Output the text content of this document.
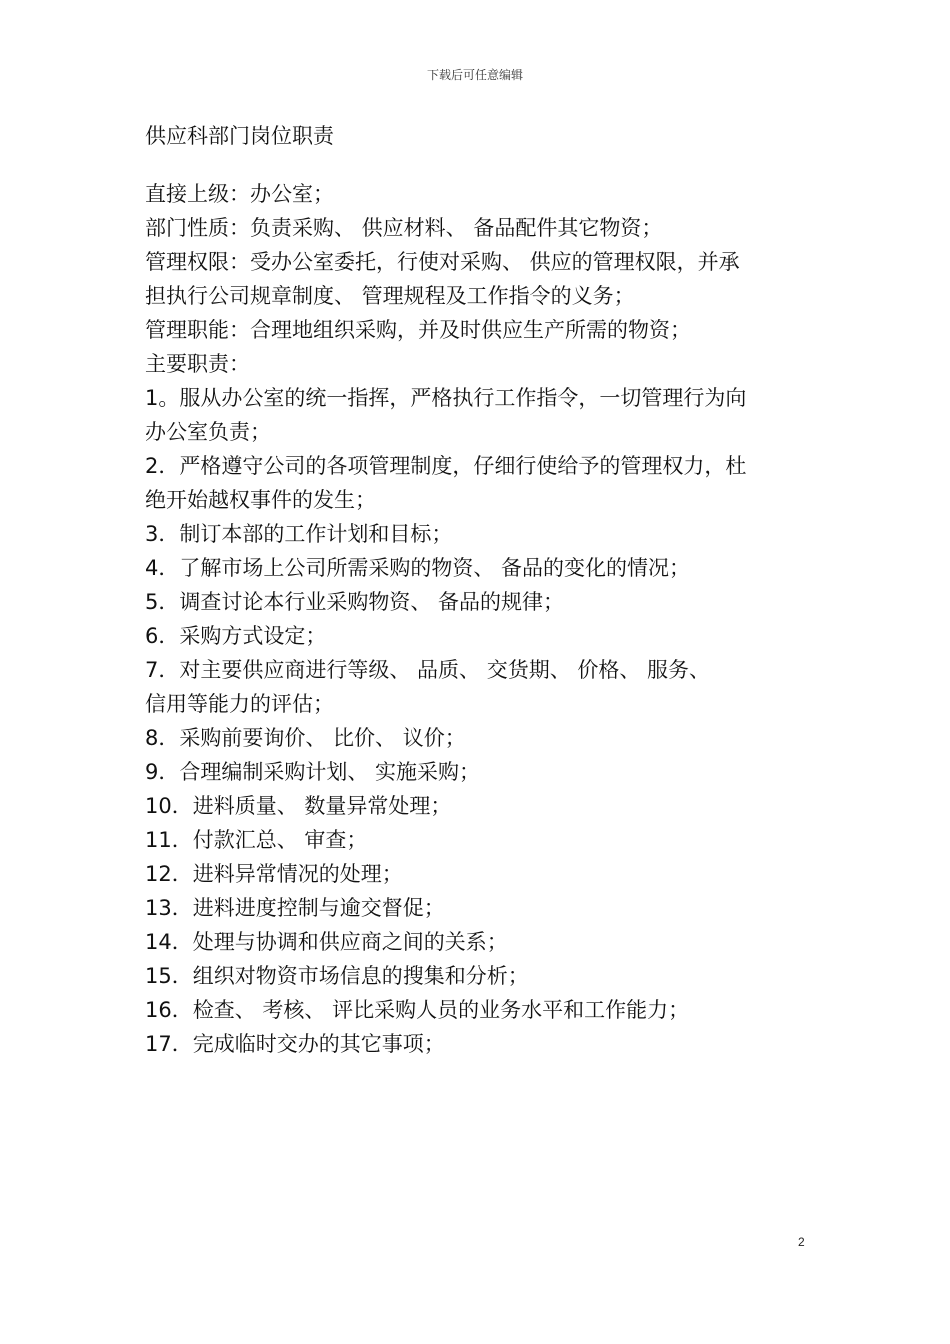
下载后可任意编辑
供应科部门岗位职责
直接上级：办公室；
部门性质：负责采购、 供应材料、 备品配件其它物资；
管理权限：受办公室委托，行使对采购、 供应的管理权限，并承
担执行公司规章制度、 管理规程及工作指令的义务；
管理职能：合理地组织采购，并及时供应生产所需的物资；
主要职责：
1。服从办公室的统一指挥，严格执行工作指令，一切管理行为向
办公室负责；
2．严格遵守公司的各项管理制度，仔细行使给予的管理权力，杜
绝开始越权事件的发生；
3．制订本部的工作计划和目标；
4．了解市场上公司所需采购的物资、 备品的变化的情况；
5．调查讨论本行业采购物资、 备品的规律；
6．采购方式设定；
7．对主要供应商进行等级、 品质、 交货期、 价格、 服务、
信用等能力的评估；
8．采购前要询价、 比价、 议价；
9．合理编制采购计划、 实施采购；
10．进料质量、 数量异常处理；
11．付款汇总、 审查；
12．进料异常情况的处理；
13．进料进度控制与逾交督促；
14．处理与协调和供应商之间的关系；
15．组织对物资市场信息的搜集和分析；
16．检查、 考核、 评比采购人员的业务水平和工作能力；
17．完成临时交办的其它事项；
2
